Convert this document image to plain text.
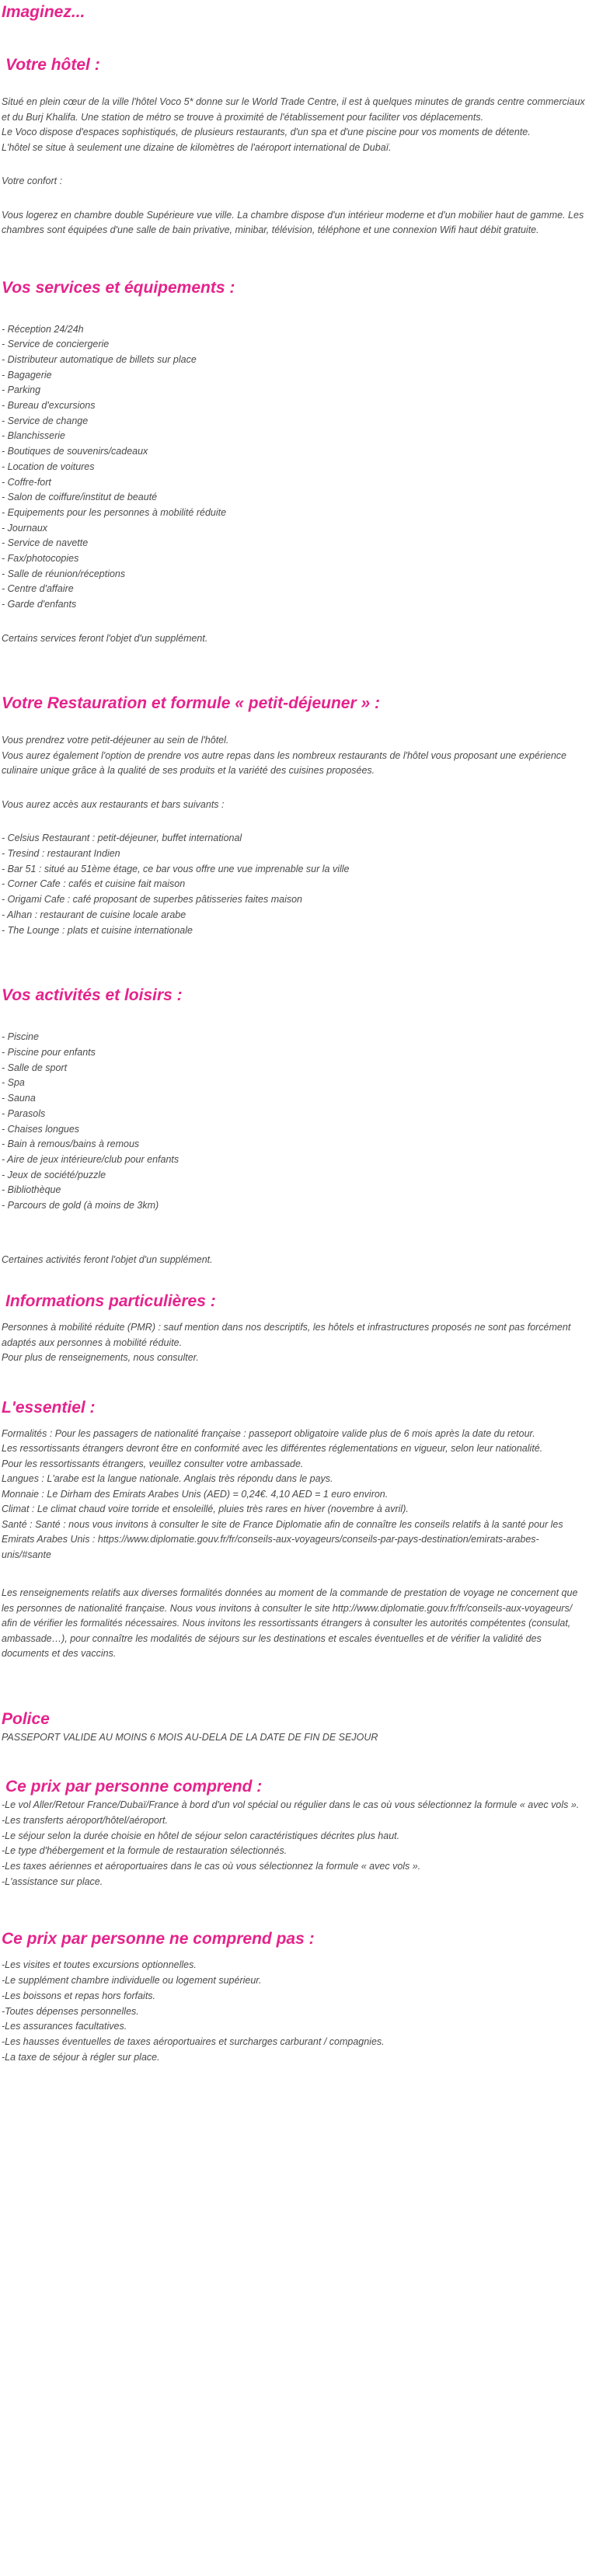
Imaginez...
Votre hôtel :

Situé en plein cœur de la ville l'hôtel Voco 5* donne sur le World Trade Centre, il est à quelques minutes de grands centre commerciaux et du Burj Khalifa. Une station de métro se trouve à proximité de l'établissement pour faciliter vos déplacements.

Le Voco dispose d'espaces sophistiqués, de plusieurs restaurants, d'un spa et d'une piscine pour vos moments de détente.

L'hôtel se situe à seulement une dizaine de kilomètres de l'aéroport international de Dubaï.

Votre confort :

Vous logerez en chambre double Supérieure vue ville. La chambre dispose d'un intérieur moderne et d'un mobilier haut de gamme. Les chambres sont équipées d'une salle de bain privative, minibar, télévision, téléphone et une connexion Wifi haut débit gratuite.

Vos services et équipements :
- Réception 24/24h
- Service de conciergerie
- Distributeur automatique de billets sur place
- Bagagerie
- Parking
- Bureau d'excursions
- Service de change
- Blanchisserie
- Boutiques de souvenirs/cadeaux
- Location de voitures
- Coffre-fort
- Salon de coiffure/institut de beauté
- Equipements pour les personnes à mobilité réduite
- Journaux
- Service de navette
- Fax/photocopies
- Salle de réunion/réceptions
- Centre d'affaire
- Garde d'enfants

Certains services feront l'objet d'un supplément.

Votre Restauration et formule « petit-déjeuner » :

Vous prendrez votre petit-déjeuner au sein de l'hôtel.

Vous aurez également l'option de prendre vos autre repas dans les nombreux restaurants de l'hôtel vous proposant une expérience culinaire unique grâce à la qualité de ses produits et la variété des cuisines proposées.

Vous aurez accès aux restaurants et bars suivants :

- Celsius Restaurant : petit-déjeuner, buffet international
- Tresind : restaurant Indien
- Bar 51 : situé au 51ème étage, ce bar vous offre une vue imprenable sur la ville
- Corner Cafe : cafés et cuisine fait maison
- Origami Cafe : café proposant de superbes pâtisseries faites maison
- Alhan : restaurant de cuisine locale arabe
- The Lounge : plats et cuisine internationale
Vos activités et loisirs :
- Piscine
- Piscine pour enfants
- Salle de sport
- Spa
- Sauna
- Parasols
- Chaises longues
- Bain à remous/bains à remous
- Aire de jeux intérieure/club pour enfants
- Jeux de société/puzzle
- Bibliothèque
- Parcours de gold (à moins de 3km)

Certaines activités feront l'objet d'un supplément.

Informations particulières :

Personnes à mobilité réduite (PMR) : sauf mention dans nos descriptifs, les hôtels et infrastructures proposés ne sont pas forcément adaptés aux personnes à mobilité réduite.

Pour plus de renseignements, nous consulter.

L'essentiel :

Formalités : Pour les passagers de nationalité française : passeport obligatoire valide plus de 6 mois après la date du retour.

Les ressortissants étrangers devront être en conformité avec les différentes réglementations en vigueur, selon leur nationalité.

Pour les ressortissants étrangers, veuillez consulter votre ambassade.

Langues : L'arabe est la langue nationale. Anglais très répondu dans le pays.

Monnaie : Le Dirham des Emirats Arabes Unis (AED) = 0,24€. 4,10 AED = 1 euro environ.

Climat : Le climat chaud voire torride et ensoleillé, pluies très rares en hiver (novembre à avril).

Santé : Santé : nous vous invitons à consulter le site de France Diplomatie afin de connaître les conseils relatifs à la santé pour les Emirats Arabes Unis : https://www.diplomatie.gouv.fr/fr/conseils-aux-voyageurs/conseils-par-pays-destination/emirats-arabes-unis/#sante

Les renseignements relatifs aux diverses formalités données au moment de la commande de prestation de voyage ne concernent que les personnes de nationalité française. Nous vous invitons à consulter le site http://www.diplomatie.gouv.fr/fr/conseils-aux-voyageurs/ afin de vérifier les formalités nécessaires. Nous invitons les ressortissants étrangers à consulter les autorités compétentes (consulat, ambassade…), pour connaître les modalités de séjours sur les destinations et escales éventuelles et de vérifier la validité des documents et des vaccins.

Police

PASSEPORT VALIDE AU MOINS 6 MOIS AU-DELA DE LA DATE DE FIN DE SEJOUR

Ce prix par personne comprend :
-Le vol Aller/Retour France/Dubaï/France à bord d'un vol spécial ou régulier dans le cas où vous sélectionnez la formule « avec vols ».
-Les transferts aéroport/hôtel/aéroport.
-Le séjour selon la durée choisie en hôtel de séjour selon caractéristiques décrites plus haut.
-Le type d'hébergement et la formule de restauration sélectionnés.
-Les taxes aériennes et aéroportuaires dans le cas où vous sélectionnez la formule « avec vols ».
-L'assistance sur place.
Ce prix par personne ne comprend pas :
-Les visites et toutes excursions optionnelles.
-Le supplément chambre individuelle ou logement supérieur.
-Les boissons et repas hors forfaits.
-Toutes dépenses personnelles.
-Les assurances facultatives.
-Les hausses éventuelles de taxes aéroportuaires et surcharges carburant / compagnies.
-La taxe de séjour à régler sur place.
